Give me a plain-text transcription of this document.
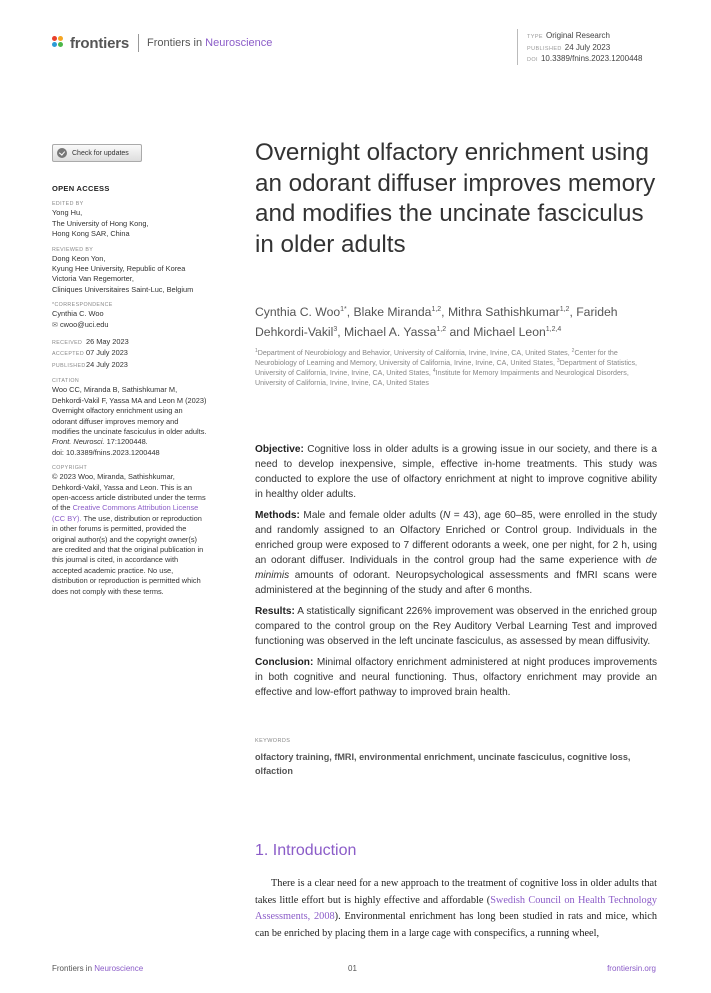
frontiers Frontiers in Neuroscience	TYPE Original Research
PUBLISHED 24 July 2023
DOI 10.3389/fnins.2023.1200448
Check for updates
OPEN ACCESS
EDITED BY
Yong Hu,
The University of Hong Kong,
Hong Kong SAR, China
REVIEWED BY
Dong Keon Yon,
Kyung Hee University, Republic of Korea
Victoria Van Regemorter,
Cliniques Universitaires Saint-Luc, Belgium
*CORRESPONDENCE
Cynthia C. Woo
✉ cwoo@uci.edu
RECEIVED 26 May 2023
ACCEPTED 07 July 2023
PUBLISHED24 July 2023
CITATION
Woo CC, Miranda B, Sathishkumar M,
Dehkordi-Vakil F, Yassa MA and Leon M (2023)
Overnight olfactory enrichment using an
odorant diffuser improves memory and
modifies the uncinate fasciculus in older adults.
Front. Neurosci. 17:1200448.
doi: 10.3389/fnins.2023.1200448
COPYRIGHT
© 2023 Woo, Miranda, Sathishkumar,
Dehkordi-Vakil, Yassa and Leon. This is an
open-access article distributed under the terms
of the Creative Commons Attribution License
(CC BY). The use, distribution or reproduction
in other forums is permitted, provided the
original author(s) and the copyright owner(s)
are credited and that the original publication in
this journal is cited, in accordance with
accepted academic practice. No use,
distribution or reproduction is permitted which
does not comply with these terms.
Overnight olfactory enrichment using an odorant diffuser improves memory and modifies the uncinate fasciculus in older adults
Cynthia C. Woo$^{1*}$, Blake Miranda$^{1,2}$, Mithra Sathishkumar$^{1,2}$, Farideh Dehkordi-Vakil$^3$, Michael A. Yassa$^{1,2}$ and Michael Leon$^{1,2,4}$
$^1$Department of Neurobiology and Behavior, University of California, Irvine, Irvine, CA, United States, $^2$Center for the Neurobiology of Learning and Memory, University of California, Irvine, Irvine, CA, United States, $^3$Department of Statistics, University of California, Irvine, Irvine, CA, United States, $^4$Institute for Memory Impairments and Neurological Disorders, University of California, Irvine, Irvine, CA, United States

Objective: Cognitive loss in older adults is a growing issue in our society, and there is a need to develop inexpensive, simple, effective in-home treatments. This study was conducted to explore the use of olfactory enrichment at night to improve cognitive ability in healthy older adults.

Methods: Male and female older adults (N = 43), age 60–85, were enrolled in the study and randomly assigned to an Olfactory Enriched or Control group. Individuals in the enriched group were exposed to 7 different odorants a week, one per night, for 2 h, using an odorant diffuser. Individuals in the control group had the same experience with de minimis amounts of odorant. Neuropsychological assessments and fMRI scans were administered at the beginning of the study and after 6 months.

Results: A statistically significant 226% improvement was observed in the enriched group compared to the control group on the Rey Auditory Verbal Learning Test and improved functioning was observed in the left uncinate fasciculus, as assessed by mean diffusivity.

Conclusion: Minimal olfactory enrichment administered at night produces improvements in both cognitive and neural functioning. Thus, olfactory enrichment may provide an effective and low-effort pathway to improved brain health.

KEYWORDS
olfactory training, fMRI, environmental enrichment, uncinate fasciculus, cognitive loss, olfaction
1. Introduction
There is a clear need for a new approach to the treatment of cognitive loss in older adults that takes little effort but is highly effective and affordable (Swedish Council on Health Technology Assessments, 2008). Environmental enrichment has long been studied in rats and mice, which can be enriched by placing them in a large cage with conspecifics, a running wheel,
Frontiers in Neuroscience	01	frontiersin.org
